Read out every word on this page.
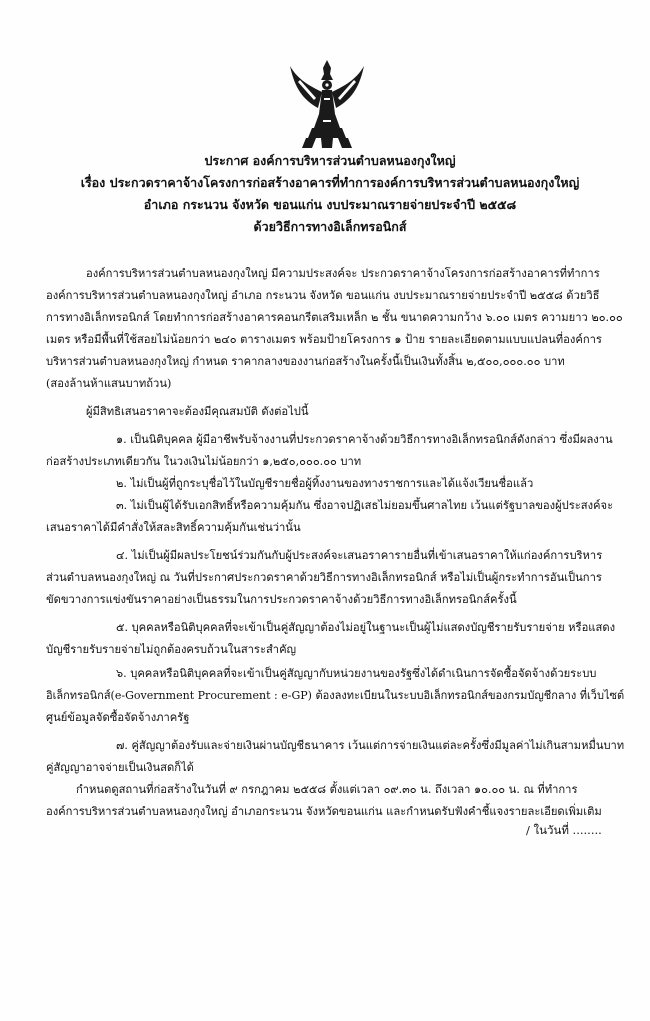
ประกาศ องค์การบริหารส่วนตำบลหนองกุงใหญ่
เรื่อง ประกวดราคาจ้างโครงการก่อสร้างอาคารที่ทำการองค์การบริหารส่วนตำบลหนองกุงใหญ่
อำเภอ กระนวน จังหวัด ขอนแก่น งบประมาณรายจ่ายประจำปี ๒๕๕๘
ด้วยวิธีการทางอิเล็กทรอนิกส์
องค์การบริหารส่วนตำบลหนองกุงใหญ่ มีความประสงค์จะ ประกวดราคาจ้างโครงการก่อสร้างอาคารที่ทำการ
องค์การบริหารส่วนตำบลหนองกุงใหญ่ อำเภอ กระนวน จังหวัด ขอนแก่น งบประมาณรายจ่ายประจำปี ๒๕๕๘ ด้วยวิธี
การทางอิเล็กทรอนิกส์ โดยทำการก่อสร้างอาคารคอนกรีตเสริมเหล็ก ๒ ชั้น ขนาดความกว้าง ๖.๐๐ เมตร ความยาว ๒๐.๐๐
เมตร หรือมีพื้นที่ใช้สอยไม่น้อยกว่า ๒๔๐ ตารางเมตร พร้อมป้ายโครงการ ๑ ป้าย รายละเอียดตามแบบแปลนที่องค์การ
บริหารส่วนตำบลหนองกุงใหญ่ กำหนด ราคากลางของงานก่อสร้างในครั้งนี้เป็นเงินทั้งสิ้น ๒,๕๐๐,๐๐๐.๐๐ บาท
(สองล้านห้าแสนบาทถ้วน)
ผู้มีสิทธิเสนอราคาจะต้องมีคุณสมบัติ ดังต่อไปนี้
๑. เป็นนิติบุคคล ผู้มีอาชีพรับจ้างงานที่ประกวดราคาจ้างด้วยวิธีการทางอิเล็กทรอนิกส์ดังกล่าว ซึ่งมีผลงาน
ก่อสร้างประเภทเดียวกัน ในวงเงินไม่น้อยกว่า ๑,๒๕๐,๐๐๐.๐๐ บาท
๒. ไม่เป็นผู้ที่ถูกระบุชื่อไว้ในบัญชีรายชื่อผู้ทิ้งงานของทางราชการและได้แจ้งเวียนชื่อแล้ว
๓. ไม่เป็นผู้ได้รับเอกสิทธิ์หรือความคุ้มกัน ซึ่งอาจปฏิเสธไม่ยอมขึ้นศาลไทย เว้นแต่รัฐบาลของผู้ประสงค์จะ
เสนอราคาได้มีคำสั่งให้สละสิทธิ์ความคุ้มกันเช่นว่านั้น
๔. ไม่เป็นผู้มีผลประโยชน์ร่วมกันกับผู้ประสงค์จะเสนอราคารายอื่นที่เข้าเสนอราคาให้แก่องค์การบริหาร
ส่วนตำบลหนองกุงใหญ่ ณ วันที่ประกาศประกวดราคาด้วยวิธีการทางอิเล็กทรอนิกส์ หรือไม่เป็นผู้กระทำการอันเป็นการ
ขัดขวางการแข่งขันราคาอย่างเป็นธรรมในการประกวดราคาจ้างด้วยวิธีการทางอิเล็กทรอนิกส์ครั้งนี้
๕. บุคคลหรือนิติบุคคลที่จะเข้าเป็นคู่สัญญาต้องไม่อยู่ในฐานะเป็นผู้ไม่แสดงบัญชีรายรับรายจ่าย หรือแสดง
บัญชีรายรับรายจ่ายไม่ถูกต้องครบถ้วนในสาระสำคัญ
๖. บุคคลหรือนิติบุคคลที่จะเข้าเป็นคู่สัญญากับหน่วยงานของรัฐซึ่งได้ดำเนินการจัดซื้อจัดจ้างด้วยระบบ
อิเล็กทรอนิกส์(e-Government Procurement : e-GP) ต้องลงทะเบียนในระบบอิเล็กทรอนิกส์ของกรมบัญชีกลาง ที่เว็บไซต์
ศูนย์ข้อมูลจัดซื้อจัดจ้างภาครัฐ
๗. คู่สัญญาต้องรับและจ่ายเงินผ่านบัญชีธนาคาร เว้นแต่การจ่ายเงินแต่ละครั้งซึ่งมีมูลค่าไม่เกินสามหมื่นบาท
คู่สัญญาอาจจ่ายเป็นเงินสดก็ได้
กำหนดดูสถานที่ก่อสร้างในวันที่ ๙ กรกฎาคม ๒๕๕๘ ตั้งแต่เวลา ๐๙.๓๐ น. ถึงเวลา ๑๐.๐๐ น. ณ ที่ทำการ
องค์การบริหารส่วนตำบลหนองกุงใหญ่ อำเภอกระนวน จังหวัดขอนแก่น และกำหนดรับฟังคำชี้แจงรายละเอียดเพิ่มเติม
/ ในวันที่ ........
